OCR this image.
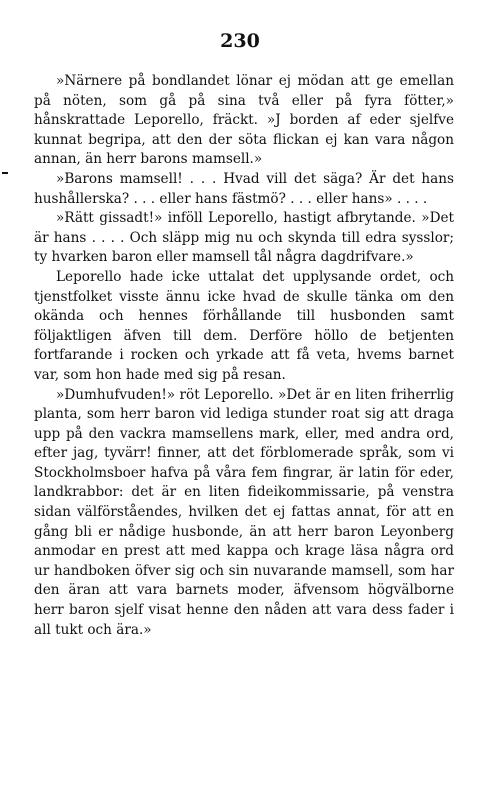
230

»Närnere på bondlandet lönar ej mödan att ge emellan på nöten, som gå på sina två eller på fyra fötter,» hånskrattade Leporello, fräckt. »J borden af eder sjelfve kunnat begripa, att den der söta flickan ej kan vara någon annan, än herr barons mamsell.»

»Barons mamsell! . . . Hvad vill det säga? Är det hans hushållerska? . . . eller hans fästmö? . . . eller hans» . . . .

»Rätt gissadt!» inföll Leporello, hastigt afbrytande. »Det är hans . . . . Och släpp mig nu och skynda till edra sysslor; ty hvarken baron eller mamsell tål några dagdrifvare.»

Leporello hade icke uttalat det upplysande ordet, och tjenstfolket visste ännu icke hvad de skulle tänka om den okända och hennes förhållande till husbonden samt följaktligen äfven till dem. Derföre höllo de betjenten fortfarande i rocken och yrkade att få veta, hvems barnet var, som hon hade med sig på resan.

»Dumhufvuden!» röt Leporello. »Det är en liten friherrlig planta, som herr baron vid lediga stunder roat sig att draga upp på den vackra mamsellens mark, eller, med andra ord, efter jag, tyvärr! finner, att det förblomerade språk, som vi Stockholmsboer hafva på våra fem fingrar, är latin för eder, landkrabbor: det är en liten fideikommissarie, på venstra sidan välförståendes, hvilken det ej fattas annat, för att en gång bli er nådige husbonde, än att herr baron Leyonberg anmodar en prest att med kappa och krage läsa några ord ur handboken öfver sig och sin nuvarande mamsell, som har den äran att vara barnets moder, äfvensom högvälborne herr baron sjelf visat henne den nåden att vara dess fader i all tukt och ära.»
